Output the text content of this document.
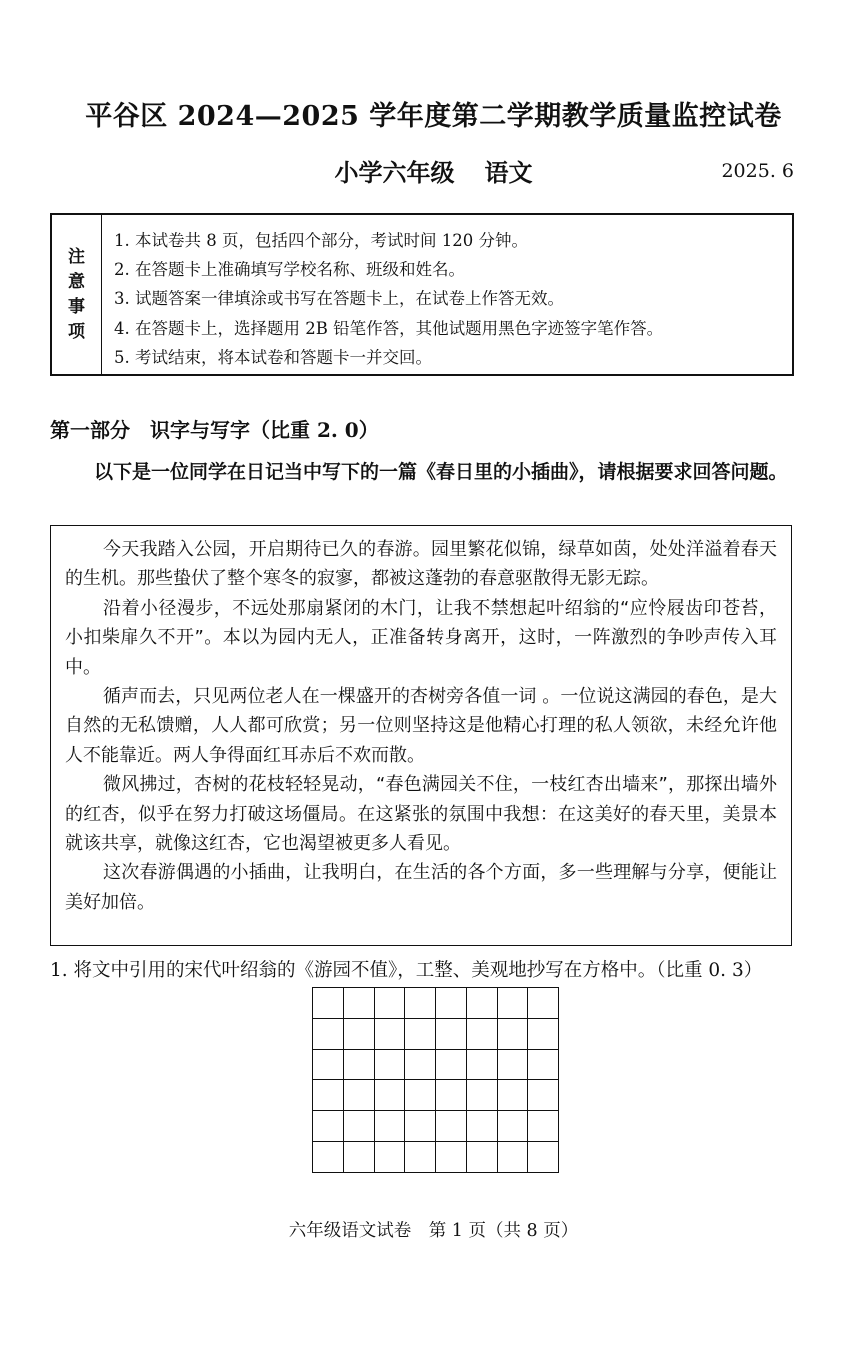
平谷区 2024—2025 学年度第二学期教学质量监控试卷
小学六年级 语文	2025. 6
注
意
事
项
1. 本试卷共 8 页，包括四个部分，考试时间 120 分钟。
2. 在答题卡上准确填写学校名称、班级和姓名。
3. 试题答案一律填涂或书写在答题卡上，在试卷上作答无效。
4. 在答题卡上，选择题用 2B 铅笔作答，其他试题用黑色字迹签字笔作答。
5. 考试结束，将本试卷和答题卡一并交回。
第一部分 识字与写字（比重 2. 0）

以下是一位同学在日记当中写下的一篇《春日里的小插曲》，请根据要求回答问题。

今天我踏入公园，开启期待已久的春游。园里繁花似锦，绿草如茵，处处洋溢着春天的生机。那些蛰伏了整个寒冬的寂寥，都被这蓬勃的春意驱散得无影无踪。

沿着小径漫步，不远处那扇紧闭的木门，让我不禁想起叶绍翁的“应怜屐齿印苍苔，小扣柴扉久不开”。本以为园内无人，正准备转身离开，这时，一阵激烈的争吵声传入耳中。

循声而去，只见两位老人在一棵盛开的杏树旁各值一词 。一位说这满园的春色，是大自然的无私馈赠，人人都可欣赏；另一位则坚持这是他精心打理的私人领欲，未经允许他人不能靠近。两人争得面红耳赤后不欢而散。

微风拂过，杏树的花枝轻轻晃动，“春色满园关不住，一枝红杏出墙来”，那探出墙外的红杏，似乎在努力打破这场僵局。在这紧张的氛围中我想：在这美好的春天里，美景本就该共享，就像这红杏，它也渴望被更多人看见。

这次春游偶遇的小插曲，让我明白，在生活的各个方面，多一些理解与分享，便能让美好加倍。

1. 将文中引用的宋代叶绍翁的《游园不值》，工整、美观地抄写在方格中。（比重 0. 3）
六年级语文试卷　第 1 页（共 8 页）
